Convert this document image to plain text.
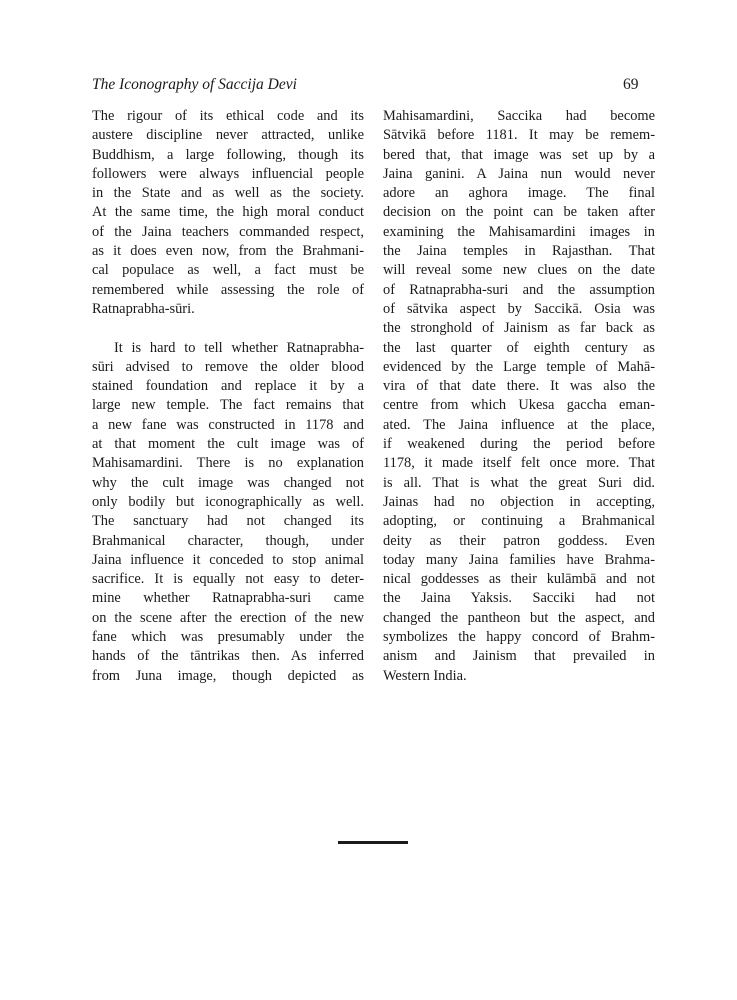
The Iconography of Saccija Devi	69
The rigour of its ethical code and its
austere discipline never attracted, unlike
Buddhism, a large following, though its
followers were always influencial people
in the State and as well as the society.
At the same time, the high moral conduct
of the Jaina teachers commanded respect,
as it does even now, from the Brahmani-
cal populace as well, a fact must be
remembered while assessing the role of
Ratnaprabha-sūri.
It is hard to tell whether Ratnaprabha-
sūri advised to remove the older blood
stained foundation and replace it by a
large new temple. The fact remains that
a new fane was constructed in 1178 and
at that moment the cult image was of
Mahisamardini. There is no explanation
why the cult image was changed not
only bodily but iconographically as well.
The sanctuary had not changed its
Brahmanical character, though, under
Jaina influence it conceded to stop animal
sacrifice. It is equally not easy to deter-
mine whether Ratnaprabha-suri came
on the scene after the erection of the new
fane which was presumably under the
hands of the tāntrikas then. As inferred
from Juna image, though depicted as
Mahisamardini, Saccika had become
Sātvikā before 1181. It may be remem-
bered that, that image was set up by a
Jaina ganini. A Jaina nun would never
adore an aghora image. The final
decision on the point can be taken after
examining the Mahisamardini images in
the Jaina temples in Rajasthan. That
will reveal some new clues on the date
of Ratnaprabha-suri and the assumption
of sātvika aspect by Saccikā. Osia was
the stronghold of Jainism as far back as
the last quarter of eighth century as
evidenced by the Large temple of Mahā-
vira of that date there. It was also the
centre from which Ukesa gaccha eman-
ated. The Jaina influence at the place,
if weakened during the period before
1178, it made itself felt once more. That
is all. That is what the great Suri did.
Jainas had no objection in accepting,
adopting, or continuing a Brahmanical
deity as their patron goddess. Even
today many Jaina families have Brahma-
nical goddesses as their kulāmbā and not
the Jaina Yaksis. Sacciki had not
changed the pantheon but the aspect, and
symbolizes the happy concord of Brahm-
anism and Jainism that prevailed in
Western India.
